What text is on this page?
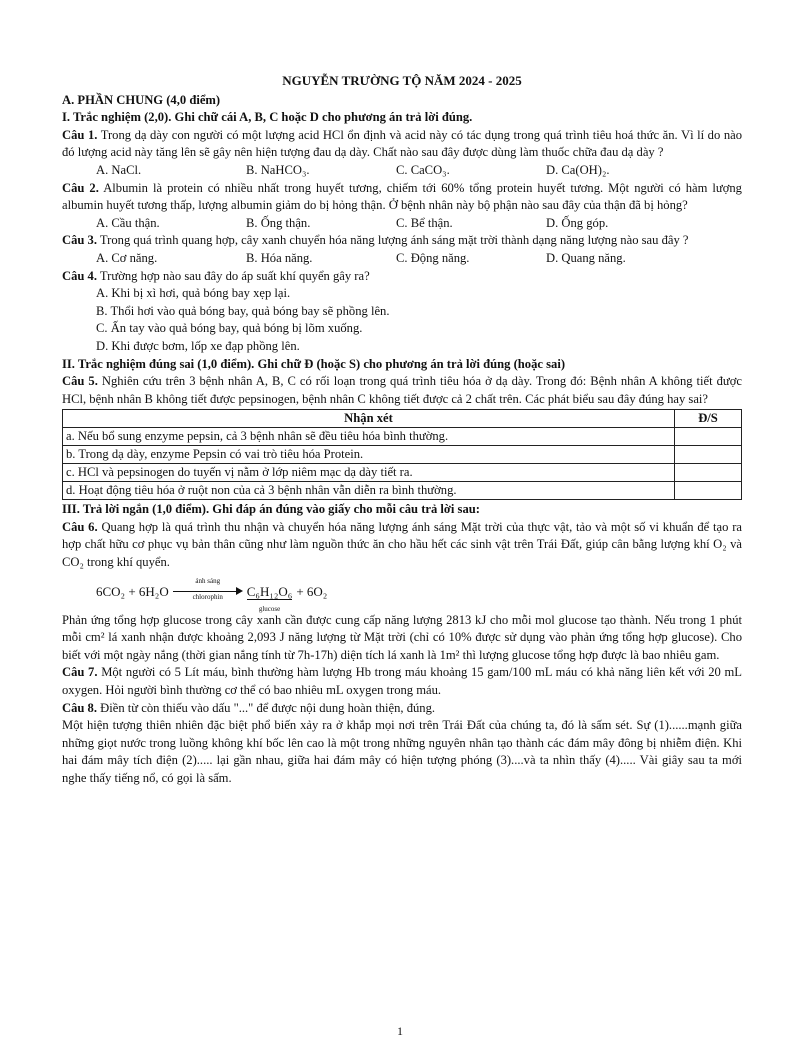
NGUYỄN TRƯỜNG TỘ NĂM 2024 - 2025
A. PHẦN CHUNG (4,0 điểm)
I. Trắc nghiệm (2,0). Ghi chữ cái A, B, C hoặc D cho phương án trả lời đúng.

Câu 1. Trong dạ dày con người có một lượng acid HCl ổn định và acid này có tác dụng trong quá trình tiêu hoá thức ăn. Vì lí do nào đó lượng acid này tăng lên sẽ gây nên hiện tượng đau dạ dày. Chất nào sau đây được dùng làm thuốc chữa đau dạ dày ?

A. NaCl.	B. NaHCO₃.	C. CaCO₃.	D. Ca(OH)₂.

Câu 2. Albumin là protein có nhiều nhất trong huyết tương, chiếm tới 60% tổng protein huyết tương. Một người có hàm lượng albumin huyết tương thấp, lượng albumin giảm do bị hỏng thận. Ở bệnh nhân này bộ phận nào sau đây của thận đã bị hỏng?

A. Cầu thận.	B. Ống thận.	C. Bể thận.	D. Ống góp.

Câu 3. Trong quá trình quang hợp, cây xanh chuyển hóa năng lượng ánh sáng mặt trời thành dạng năng lượng nào sau đây ?

A. Cơ năng.	B. Hóa năng.	C. Động năng.	D. Quang năng.

Câu 4. Trường hợp nào sau đây do áp suất khí quyển gây ra?

A. Khi bị xì hơi, quả bóng bay xẹp lại.
B. Thổi hơi vào quả bóng bay, quả bóng bay sẽ phồng lên.
C. Ấn tay vào quả bóng bay, quả bóng bị lõm xuống.
D. Khi được bơm, lốp xe đạp phồng lên.
II. Trắc nghiệm đúng sai (1,0 điểm). Ghi chữ Đ (hoặc S) cho phương án trả lời đúng (hoặc sai)

Câu 5. Nghiên cứu trên 3 bệnh nhân A, B, C có rối loạn trong quá trình tiêu hóa ở dạ dày. Trong đó: Bệnh nhân A không tiết được HCl, bệnh nhân B không tiết được pepsinogen, bệnh nhân C không tiết được cả 2 chất trên. Các phát biểu sau đây đúng hay sai?

Nhận xét	Đ/S
a. Nếu bổ sung enzyme pepsin, cả 3 bệnh nhân sẽ đều tiêu hóa bình thường.	
b. Trong dạ dày, enzyme Pepsin có vai trò tiêu hóa Protein.	
c. HCl và pepsinogen do tuyến vị nằm ở lớp niêm mạc dạ dày tiết ra.	
d. Hoạt động tiêu hóa ở ruột non của cả 3 bệnh nhân vẫn diễn ra bình thường.	
III. Trả lời ngắn (1,0 điểm). Ghi đáp án đúng vào giấy cho mỗi câu trả lời sau:

Câu 6. Quang hợp là quá trình thu nhận và chuyển hóa năng lượng ánh sáng Mặt trời của thực vật, tảo và một số vi khuẩn để tạo ra hợp chất hữu cơ phục vụ bản thân cũng như làm nguồn thức ăn cho hầu hết các sinh vật trên Trái Đất, giúp cân bằng lượng khí O₂ và CO₂ trong khí quyển.

6CO₂ + 6H₂O
ánh sáng
chlorophin	C₆H₁₂O₆
glucose
+ 6O₂

Phản ứng tổng hợp glucose trong cây xanh cần được cung cấp năng lượng 2813 kJ cho mỗi mol glucose tạo thành. Nếu trong 1 phút mỗi cm² lá xanh nhận được khoảng 2,093 J năng lượng từ Mặt trời (chỉ có 10% được sử dụng vào phản ứng tổng hợp glucose). Cho biết với một ngày nắng (thời gian nắng tính từ 7h-17h) diện tích lá xanh là 1m² thì lượng glucose tổng hợp được là bao nhiêu gam.

Câu 7. Một người có 5 Lít máu, bình thường hàm lượng Hb trong máu khoảng 15 gam/100 mL máu có khả năng liên kết với 20 mL oxygen. Hỏi người bình thường cơ thể có bao nhiêu mL oxygen trong máu.

Câu 8. Điền từ còn thiếu vào dấu "..." để được nội dung hoàn thiện, đúng.

Một hiện tượng thiên nhiên đặc biệt phổ biến xảy ra ở khắp mọi nơi trên Trái Đất của chúng ta, đó là sấm sét. Sự (1)......mạnh giữa những giọt nước trong luồng không khí bốc lên cao là một trong những nguyên nhân tạo thành các đám mây đông bị nhiễm điện. Khi hai đám mây tích điện (2)..... lại gần nhau, giữa hai đám mây có hiện tượng phóng (3)....và ta nhìn thấy (4)..... Vài giây sau ta mới nghe thấy tiếng nổ, có gọi là sấm.

1
